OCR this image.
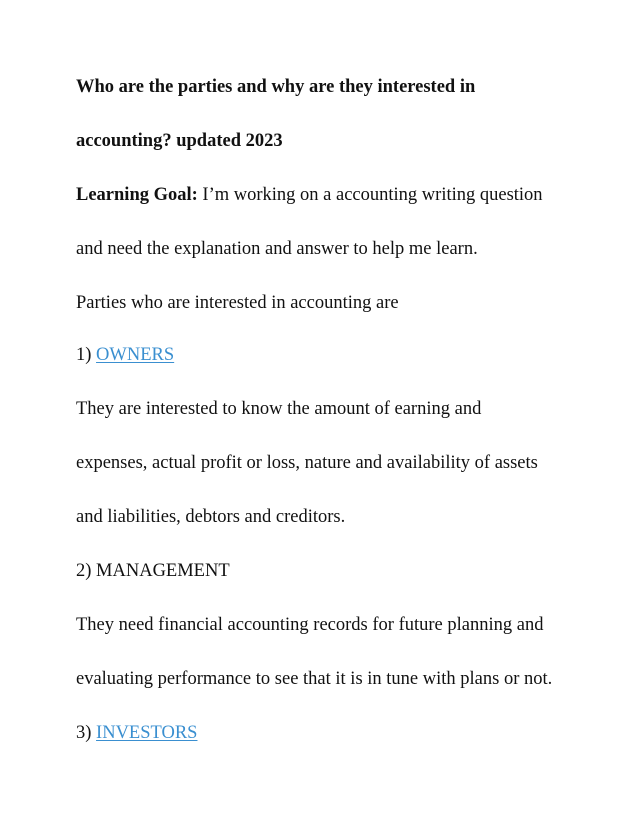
Who are the parties and why are they interested in

accounting? updated 2023

Learning Goal: I’m working on a accounting writing question

and need the explanation and answer to help me learn.

Parties who are interested in accounting are

1) OWNERS

They are interested to know the amount of earning and

expenses, actual profit or loss, nature and availability of assets

and liabilities, debtors and creditors.

2) MANAGEMENT

They need financial accounting records for future planning and

evaluating performance to see that it is in tune with plans or not.

3) INVESTORS
